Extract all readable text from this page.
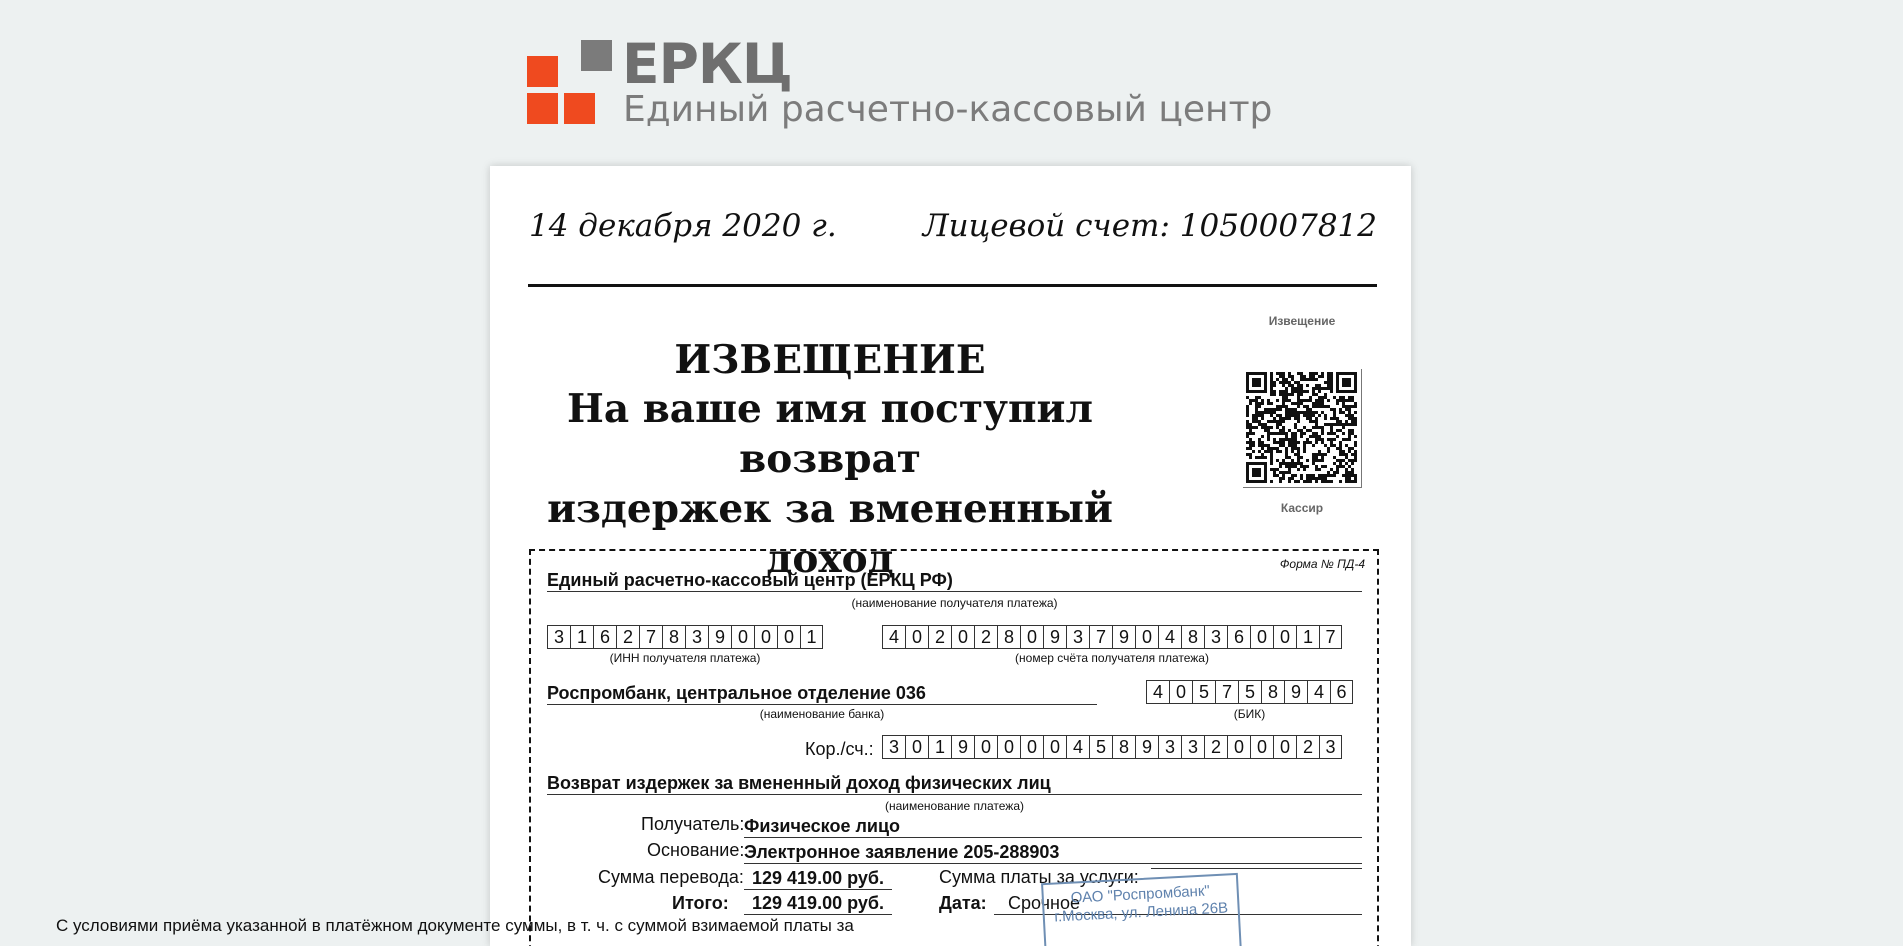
ЕРКЦ
Единый расчетно-кассовый центр
14 декабря 2020 г.	Лицевой счет: 1050007812
ИЗВЕЩЕНИЕ
На ваше имя поступил возврат
издержек за вмененный доход
Извещение
Кассир
Форма № ПД-4
Единый расчетно-кассовый центр (ЕРКЦ РФ)
(наименование получателя платежа)
3 1 6 2 7 8 3 9 0 0 0 1
(ИНН получателя платежа)
4 0 2 0 2 8 0 9 3 7 9 0 4 8 3 6 0 0 1 7
(номер счёта получателя платежа)
Роспромбанк, центральное отделение 036
(наименование банка)
4 0 5 7 5 8 9 4 6
(БИК)
Кор./сч.: 3 0 1 9 0 0 0 0 4 5 8 9 3 3 2 0 0 0 2 3
Возврат издержек за вмененный доход физических лиц
(наименование платежа)
Получатель: Физическое лицо
Основание: Электронное заявление 205-288903
Сумма перевода: 129 419.00 руб.	Сумма платы за услуги:
Итого:	129 419.00 руб.	Дата:	Срочное
ОАО "Роспромбанк"
г.Москва, ул. Ленина 26В
С условиями приёма указанной в платёжном документе суммы, в т. ч. с суммой взимаемой платы за
